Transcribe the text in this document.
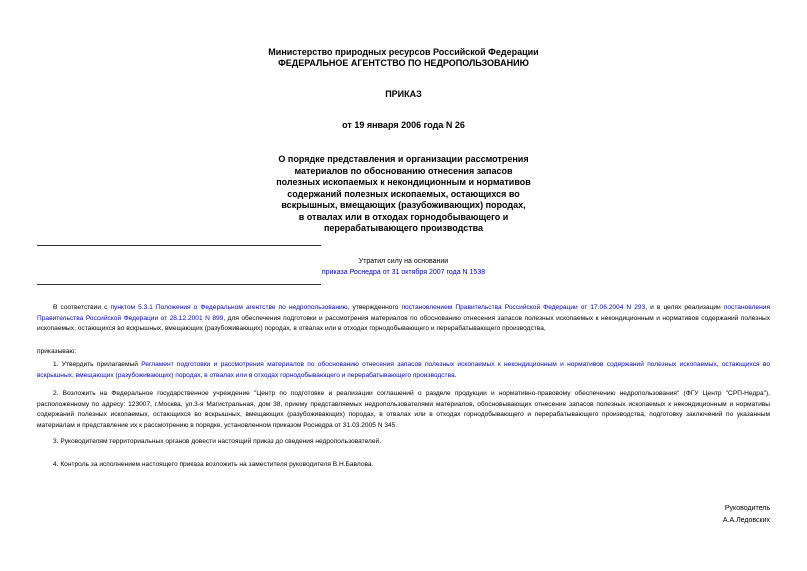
Министерство природных ресурсов Российской Федерации
ФЕДЕРАЛЬНОЕ АГЕНТСТВО ПО НЕДРОПОЛЬЗОВАНИЮ
ПРИКАЗ
от 19 января 2006 года N 26
О порядке представления и организации рассмотрения
материалов по обоснованию отнесения запасов
полезных ископаемых к некондиционным и нормативов
содержаний полезных ископаемых, остающихся во
вскрышных, вмещающих (разубоживающих) породах,
в отвалах или в отходах горнодобывающего и
перерабатывающего производства
Утратил силу на основании
приказа Роснедра от 31 октября 2007 года N 1538
В соответствии с пунктом 5.3.1 Положения о Федеральном агентстве по недропользованию, утвержденного постановлением Правительства Российской Федерации от 17.06.2004 N 293, и в целях реализации постановления Правительства Российской Федерации от 28.12.2001 N 899, для обеспечения подготовки и рассмотрения материалов по обоснованию отнесения запасов полезных ископаемых к некондиционным и нормативов содержаний полезных ископаемых, остающихся во вскрышных, вмещающих (разубоживающих) породах, в отвалах или в отходах горнодобывающего и перерабатывающего производства,
приказываю:
1. Утвердить прилагаемый Регламент подготовки и рассмотрения материалов по обоснованию отнесения запасов полезных ископаемых к некондиционным и нормативов содержаний полезных ископаемых, остающихся во вскрышных, вмещающих (разубоживающих) породах, в отвалах или в отходах горнодобывающего и перерабатывающего производства.
2. Возложить на Федеральное государственное учреждение "Центр по подготовке и реализации соглашений о разделе продукции и нормативно-правовому обеспечению недропользования" (ФГУ Центр "СРП-Недра"), расположенному по адресу: 123007, г.Москва, ул.3-я Магистральная, дом 38, приему представляемых недропользователями материалов, обосновывающих отнесение запасов полезных ископаемых к некондиционным и нормативы содержаний полезных ископаемых, остающихся во вскрышных, вмещающих (разубоживающих) породах, в отвалах или в отходах горнодобывающего и перерабатывающего производства, подготовку заключений по указанным материалам и представление их к рассмотрению в порядке, установленном приказом Роснедра от 31.03.2005 N 345.
3. Руководителям территориальных органов довести настоящий приказ до сведения недропользователей.
4. Контроль за исполнением настоящего приказа возложить на заместителя руководителя В.Н.Бавлова.
Руководитель
А.А.Ледовских
